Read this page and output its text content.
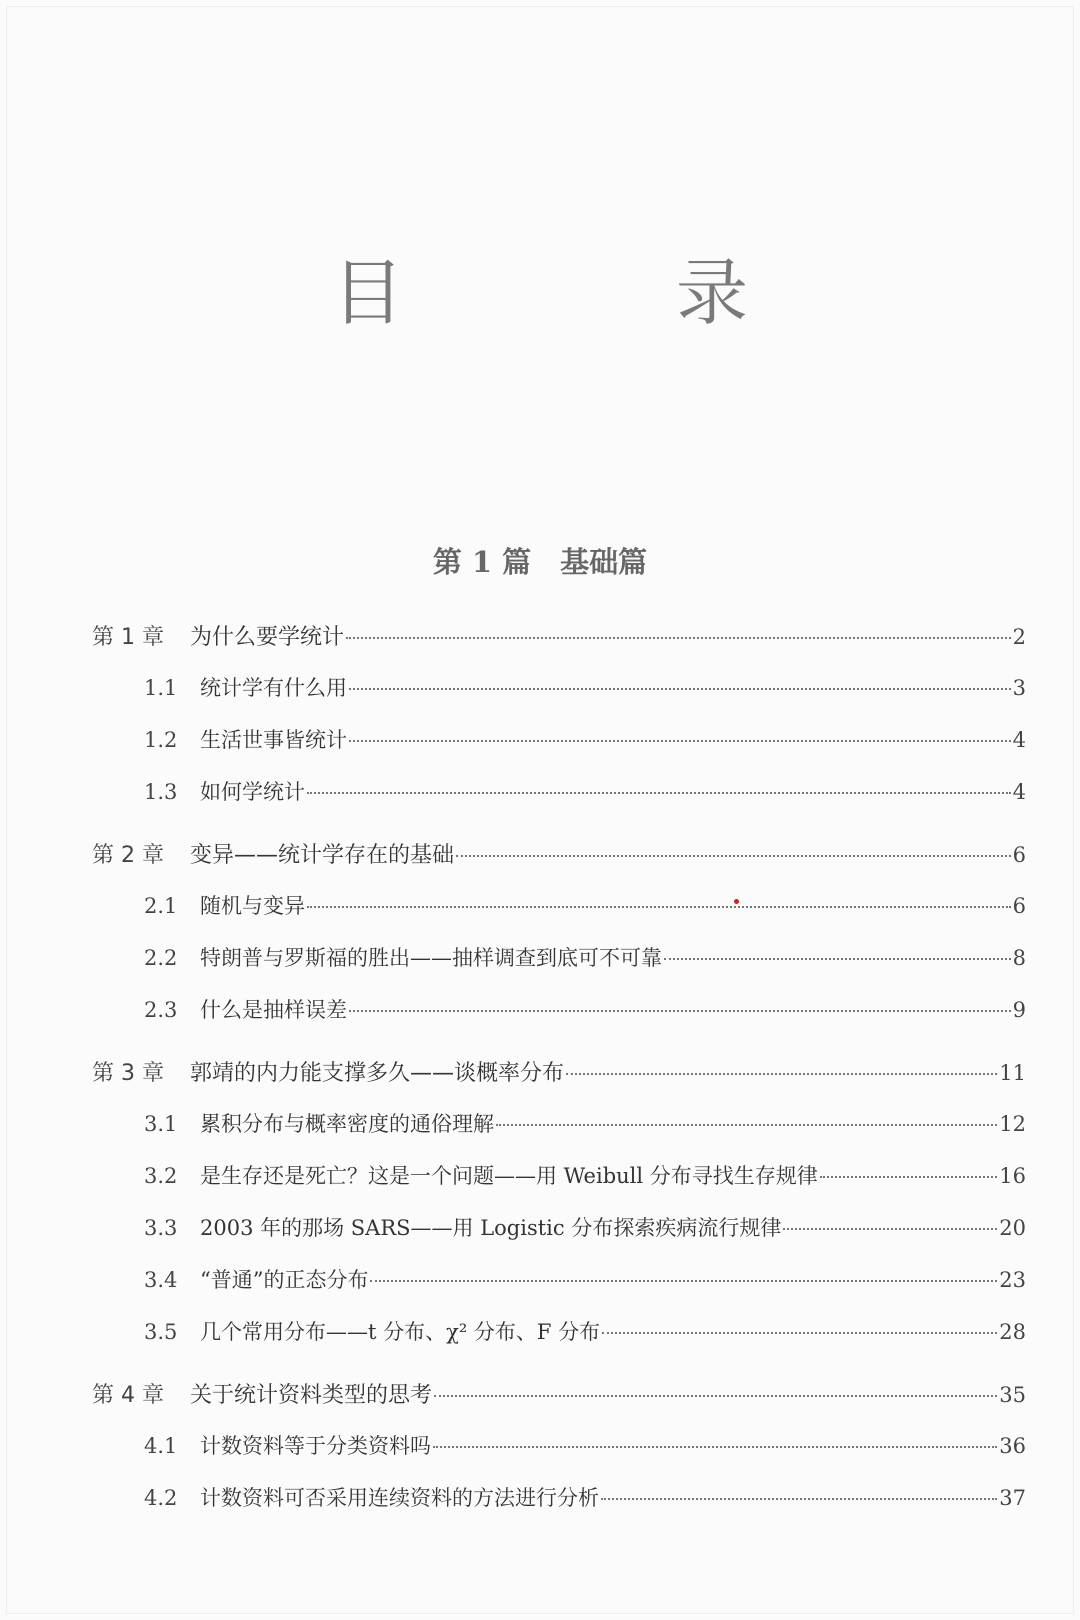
目　录
第 1 篇　基础篇
第 1 章	为什么要学统计	2
1.1	统计学有什么用	3
1.2	生活世事皆统计	4
1.3	如何学统计	4
第 2 章	变异——统计学存在的基础	6
2.1	随机与变异	6
2.2	特朗普与罗斯福的胜出——抽样调查到底可不可靠	8
2.3	什么是抽样误差	9
第 3 章	郭靖的内力能支撑多久——谈概率分布	11
3.1	累积分布与概率密度的通俗理解	12
3.2	是生存还是死亡？这是一个问题——用 Weibull 分布寻找生存规律	16
3.3	2003 年的那场 SARS——用 Logistic 分布探索疾病流行规律	20
3.4	“普通”的正态分布	23
3.5	几个常用分布——t 分布、χ² 分布、F 分布	28
第 4 章	关于统计资料类型的思考	35
4.1	计数资料等于分类资料吗	36
4.2	计数资料可否采用连续资料的方法进行分析	37
